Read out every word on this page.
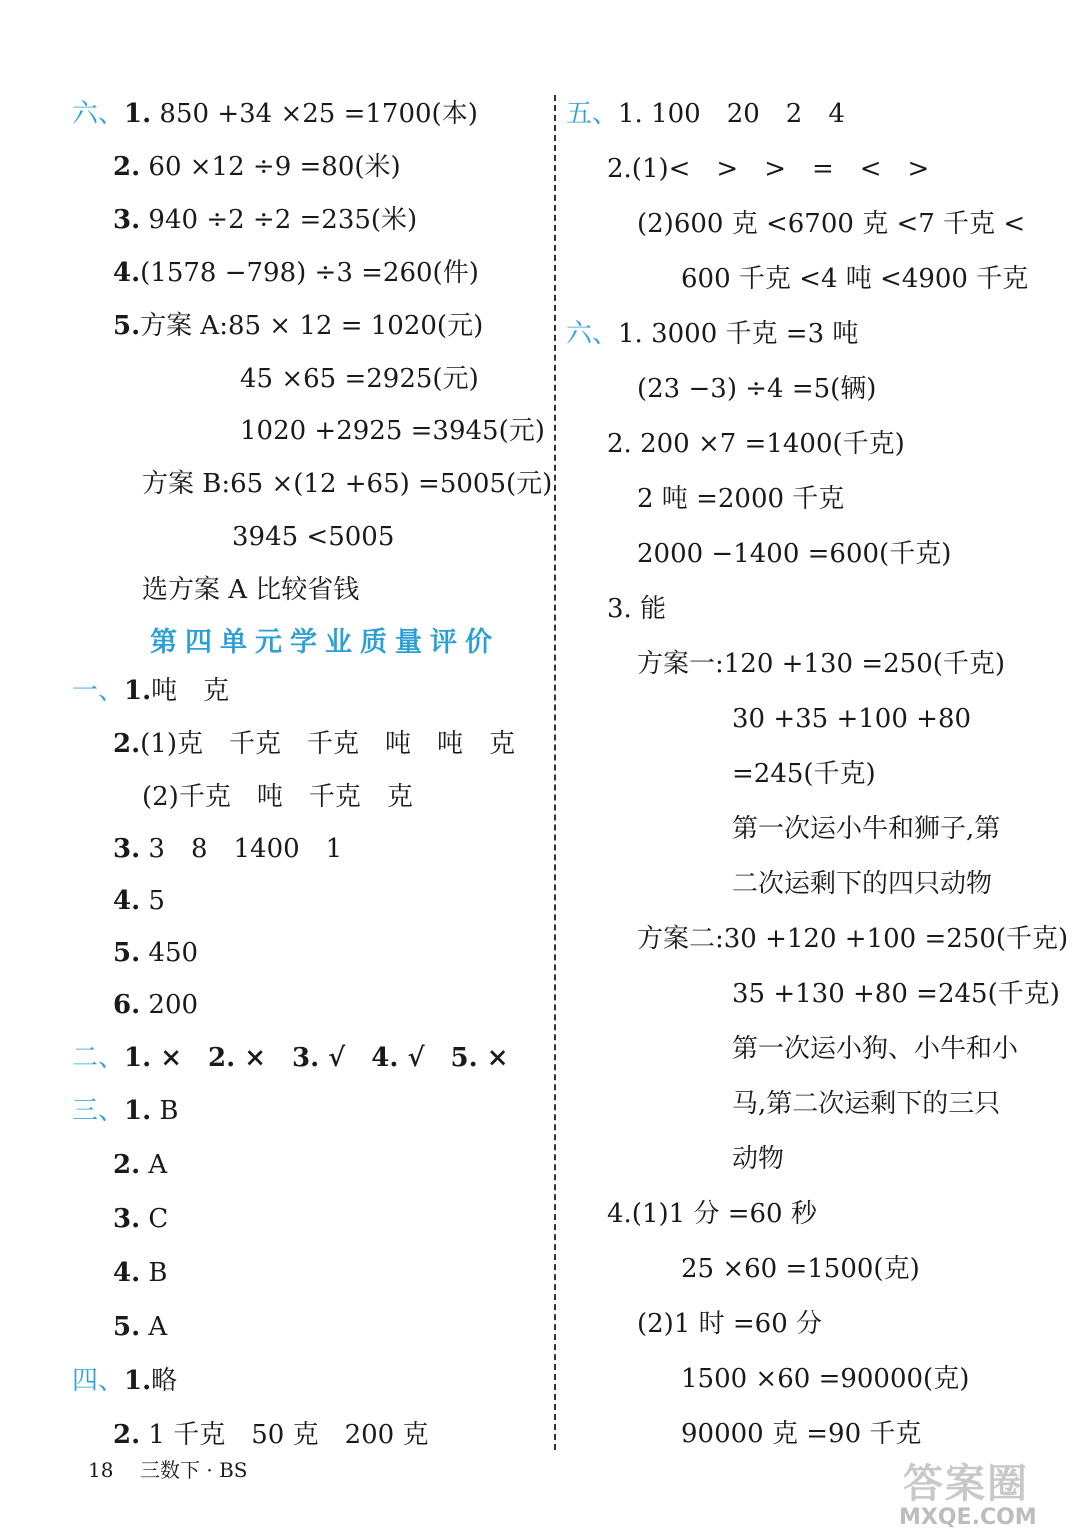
六、1. 850 +34 ×25 =1700(本)
2. 60 ×12 ÷9 =80(米)
3. 940 ÷2 ÷2 =235(米)
4.(1578 −798) ÷3 =260(件)
5.方案 A:85 × 12 = 1020(元)
45 ×65 =2925(元)
1020 +2925 =3945(元)
方案 B:65 ×(12 +65) =5005(元)
3945 <5005
选方案 A 比较省钱
第四单元学业质量评价
一、1.吨　克
2.(1)克　千克　千克　吨　吨　克
(2)千克　吨　千克　克
3. 3　8　1400　1
4. 5
5. 450
6. 200
二、1. ×　2. ×　3. √　4. √　5. ×
三、1. B
2. A
3. C
4. B
5. A
四、1.略
2. 1 千克　50 克　200 克
五、1. 100　20　2　4
2.(1)<　>　>　=　<　>
(2)600 克 <6700 克 <7 千克 <
600 千克 <4 吨 <4900 千克
六、1. 3000 千克 =3 吨
(23 −3) ÷4 =5(辆)
2. 200 ×7 =1400(千克)
2 吨 =2000 千克
2000 −1400 =600(千克)
3. 能
方案一:120 +130 =250(千克)
30 +35 +100 +80
=245(千克)
第一次运小牛和狮子,第
二次运剩下的四只动物
方案二:30 +120 +100 =250(千克)
35 +130 +80 =245(千克)
第一次运小狗、小牛和小
马,第二次运剩下的三只
动物
4.(1)1 分 =60 秒
25 ×60 =1500(克)
(2)1 时 =60 分
1500 ×60 =90000(克)
90000 克 =90 千克
18 三数下 · BS	答案圈
MXQE.COM
